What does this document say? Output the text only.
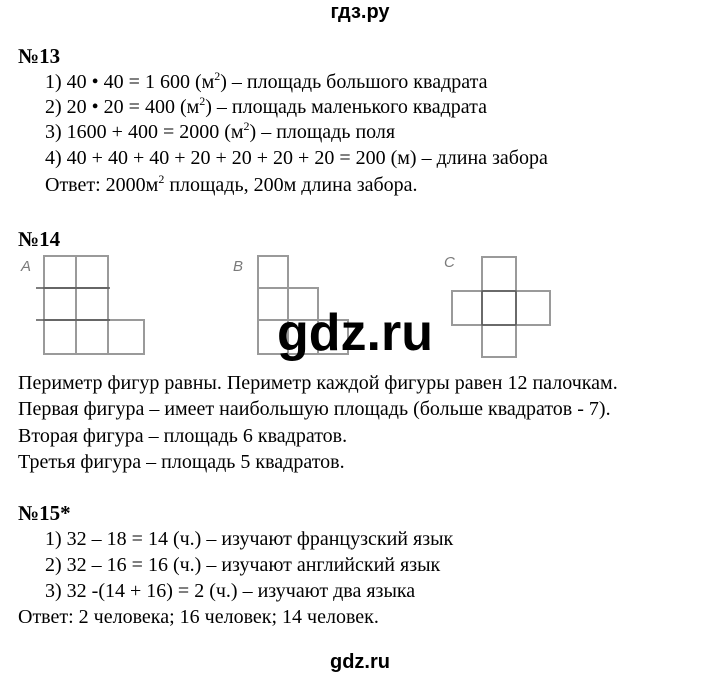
гдз.ру
№13
1) 40 • 40 = 1 600 $(м^2)$ – площадь большого квадрата
2) 20 • 20 = 400 $(м^2)$ – площадь маленького квадрата
3) 1600 + 400 = 2000 $(м^2)$ – площадь поля
4) 40 + 40 + 40 + 20 + 20 + 20 + 20 = 200 (м) – длина забора
Ответ: $2000м^2$ площадь, 200м длина забора.
№14
A	B	C
gdz.ru
Периметр фигур равны. Периметр каждой фигуры равен 12 палочкам.
Первая фигура – имеет наибольшую площадь (больше квадратов - 7).
Вторая фигура – площадь 6 квадратов.
Третья фигура – площадь 5 квадратов.
№15*
1) 32 – 18 = 14 (ч.) – изучают французский язык
2) 32 – 16 = 16 (ч.) – изучают английский язык
3) 32 -(14 + 16) = 2 (ч.) – изучают два языка
Ответ: 2 человека; 16 человек; 14 человек.
gdz.ru
